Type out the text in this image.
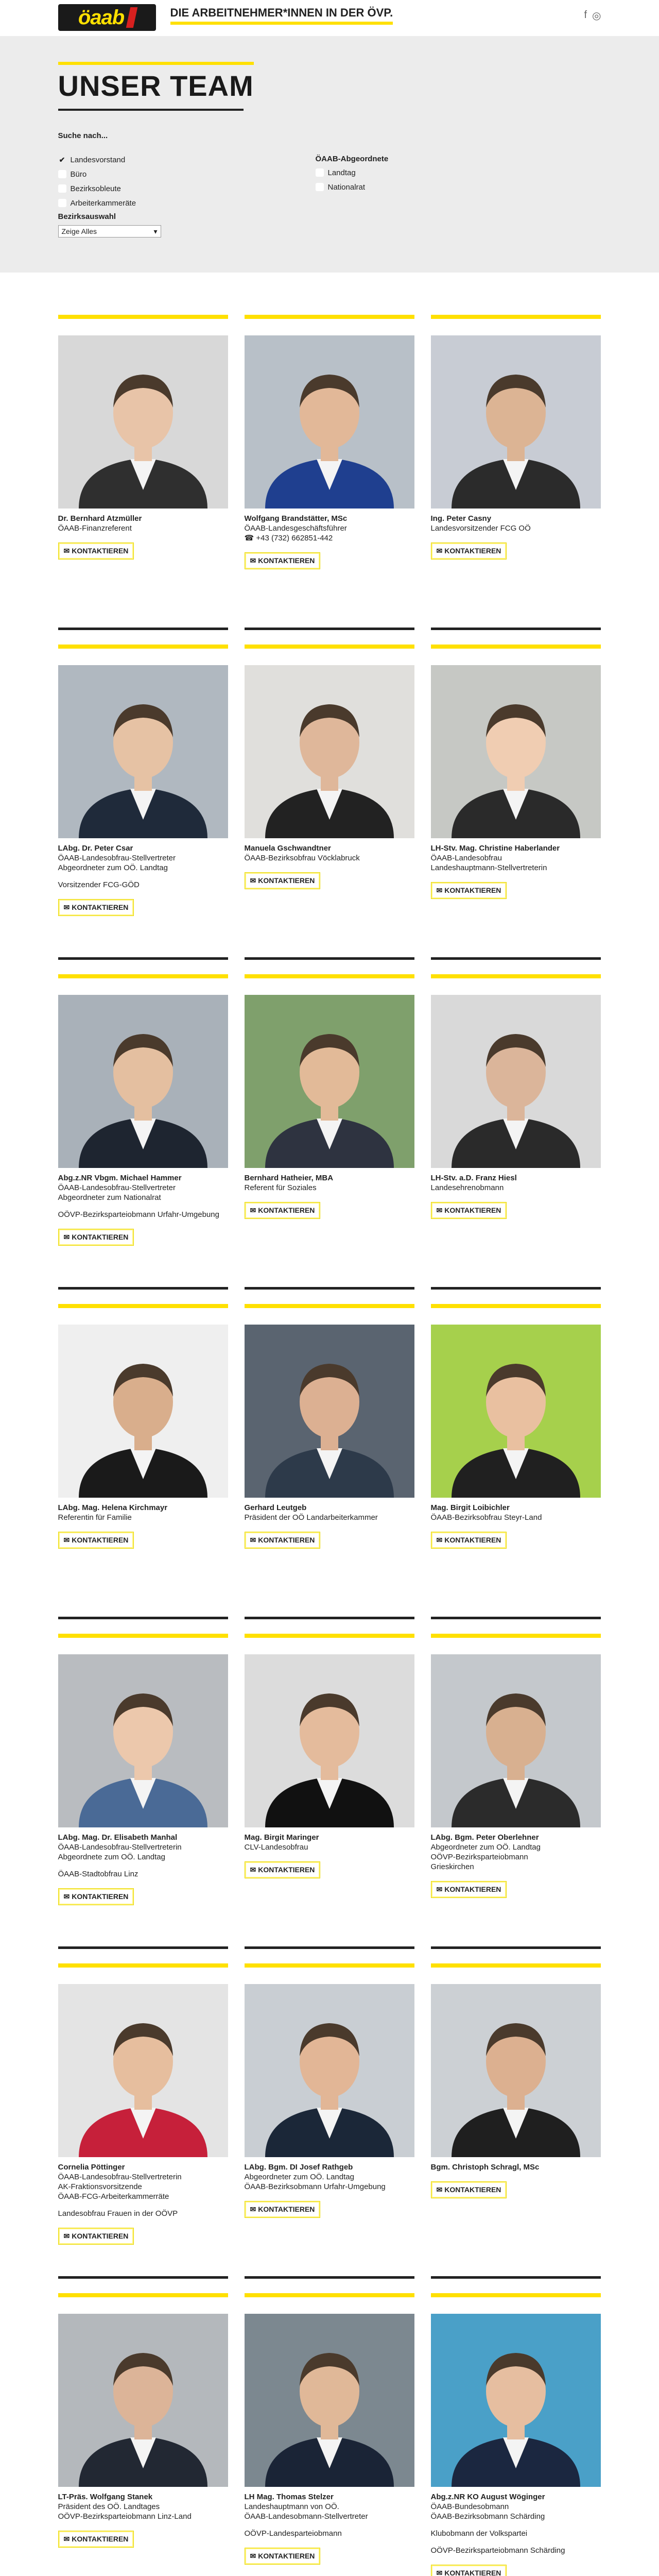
öaab	DIE ARBEITNEHMER*INNEN IN DER ÖVP.	f ◎
UNSER TEAM
Suche nach...
✔ Landesvorstand
Büro
Bezirksobleute
Arbeiterkammeräte
Bezirksauswahl
Zeige Alles	▾
ÖAAB-Abgeordnete
Landtag
Nationalrat
Dr. Bernhard Atzmüller
ÖAAB-Finanzreferent
✉ KONTAKTIEREN
Wolfgang Brandstätter, MSc
ÖAAB-Landesgeschäftsführer
☎ +43 (732) 662851-442
✉ KONTAKTIEREN
Ing. Peter Casny
Landesvorsitzender FCG OÖ
✉ KONTAKTIEREN
LAbg. Dr. Peter Csar
ÖAAB-Landesobfrau-Stellvertreter
Abgeordneter zum OÖ. Landtag
Vorsitzender FCG-GÖD
✉ KONTAKTIEREN
Manuela Gschwandtner
ÖAAB-Bezirksobfrau Vöcklabruck
✉ KONTAKTIEREN
LH-Stv. Mag. Christine Haberlander
ÖAAB-Landesobfrau
Landeshauptmann-Stellvertreterin
✉ KONTAKTIEREN
Abg.z.NR Vbgm. Michael Hammer
ÖAAB-Landesobfrau-Stellvertreter
Abgeordneter zum Nationalrat
OÖVP-Bezirksparteiobmann Urfahr-Umgebung
✉ KONTAKTIEREN
Bernhard Hatheier, MBA
Referent für Soziales
✉ KONTAKTIEREN
LH-Stv. a.D. Franz Hiesl
Landesehrenobmann
✉ KONTAKTIEREN
LAbg. Mag. Helena Kirchmayr
Referentin für Familie
✉ KONTAKTIEREN
Gerhard Leutgeb
Präsident der OÖ Landarbeiterkammer
✉ KONTAKTIEREN
Mag. Birgit Loibichler
ÖAAB-Bezirksobfrau Steyr-Land
✉ KONTAKTIEREN
LAbg. Mag. Dr. Elisabeth Manhal
ÖAAB-Landesobfrau-Stellvertreterin
Abgeordnete zum OÖ. Landtag
ÖAAB-Stadtobfrau Linz
✉ KONTAKTIEREN
Mag. Birgit Maringer
CLV-Landesobfrau
✉ KONTAKTIEREN
LAbg. Bgm. Peter Oberlehner
Abgeordneter zum OÖ. Landtag
OÖVP-Bezirksparteiobmann
Grieskirchen
✉ KONTAKTIEREN
Cornelia Pöttinger
ÖAAB-Landesobfrau-Stellvertreterin
AK-Fraktionsvorsitzende
ÖAAB-FCG-Arbeiterkammerräte
Landesobfrau Frauen in der OÖVP
✉ KONTAKTIEREN
LAbg. Bgm. DI Josef Rathgeb
Abgeordneter zum OÖ. Landtag
ÖAAB-Bezirksobmann Urfahr-Umgebung
✉ KONTAKTIEREN
Bgm. Christoph Schragl, MSc
✉ KONTAKTIEREN
LT-Präs. Wolfgang Stanek
Präsident des OÖ. Landtages
OÖVP-Bezirksparteiobmann Linz-Land
✉ KONTAKTIEREN
LH Mag. Thomas Stelzer
Landeshauptmann von OÖ.
ÖAAB-Landesobmann-Stellvertreter
OÖVP-Landesparteiobmann
✉ KONTAKTIEREN
Abg.z.NR KO August Wöginger
ÖAAB-Bundesobmann
ÖAAB-Bezirksobmann Schärding
Klubobmann der Volkspartei
OÖVP-Bezirksparteiobmann Schärding
✉ KONTAKTIEREN
